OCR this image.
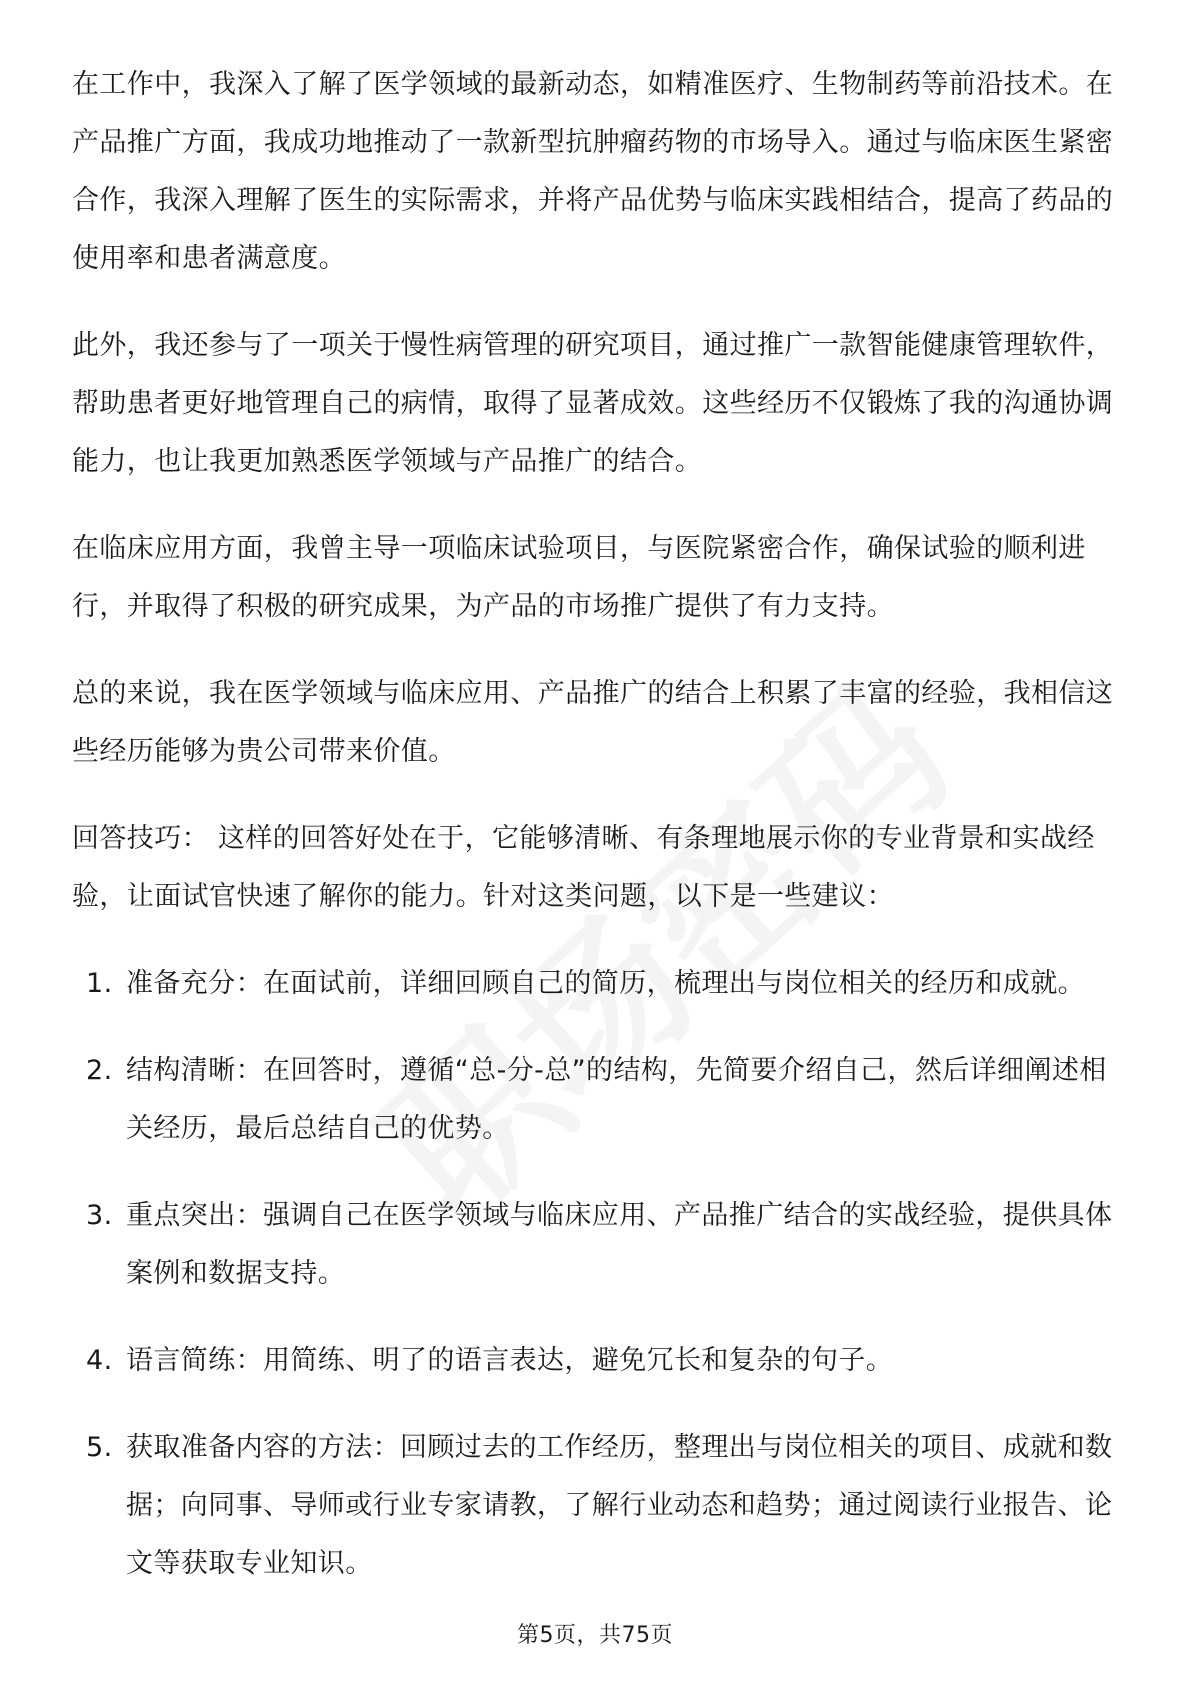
在工作中，我深入了解了医学领域的最新动态，如精准医疗、生物制药等前沿技术。在产品推广方面，我成功地推动了一款新型抗肿瘤药物的市场导入。通过与临床医生紧密合作，我深入理解了医生的实际需求，并将产品优势与临床实践相结合，提高了药品的使用率和患者满意度。

此外，我还参与了一项关于慢性病管理的研究项目，通过推广一款智能健康管理软件，帮助患者更好地管理自己的病情，取得了显著成效。这些经历不仅锻炼了我的沟通协调能力，也让我更加熟悉医学领域与产品推广的结合。

在临床应用方面，我曾主导一项临床试验项目，与医院紧密合作，确保试验的顺利进行，并取得了积极的研究成果，为产品的市场推广提供了有力支持。

总的来说，我在医学领域与临床应用、产品推广的结合上积累了丰富的经验，我相信这些经历能够为贵公司带来价值。

回答技巧： 这样的回答好处在于，它能够清晰、有条理地展示你的专业背景和实战经验，让面试官快速了解你的能力。针对这类问题，以下是一些建议：

1. 准备充分：在面试前，详细回顾自己的简历，梳理出与岗位相关的经历和成就。
2. 结构清晰：在回答时，遵循“总-分-总”的结构，先简要介绍自己，然后详细阐述相关经历，最后总结自己的优势。
3. 重点突出：强调自己在医学领域与临床应用、产品推广结合的实战经验，提供具体案例和数据支持。
4. 语言简练：用简练、明了的语言表达，避免冗长和复杂的句子。
5. 获取准备内容的方法：回顾过去的工作经历，整理出与岗位相关的项目、成就和数据；向同事、导师或行业专家请教，了解行业动态和趋势；通过阅读行业报告、论文等获取专业知识。
第5页，共75页
